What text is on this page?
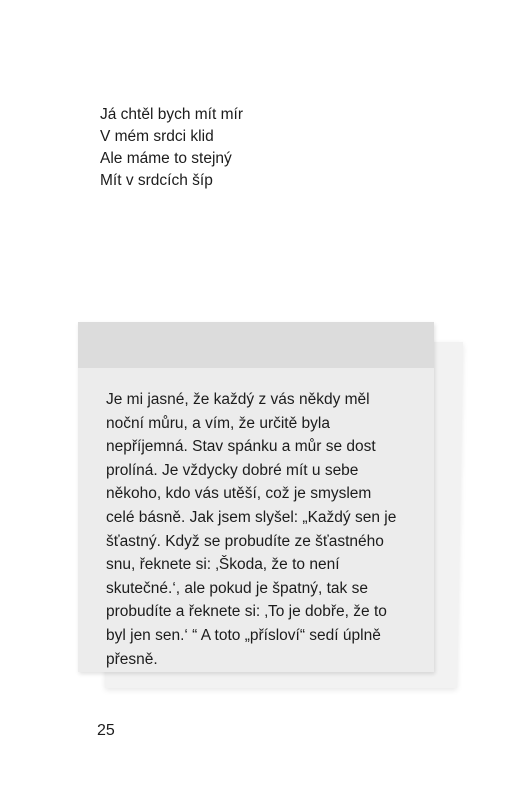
Já chtěl bych mít mír
V mém srdci klid
Ale máme to stejný
Mít v srdcích šíp
Je mi jasné, že každý z vás někdy měl
noční můru, a vím, že určitě byla
nepříjemná. Stav spánku a můr se dost
prolíná. Je vždycky dobré mít u sebe
někoho, kdo vás utěší, což je smyslem
celé básně. Jak jsem slyšel: „Každý sen je
šťastný. Když se probudíte ze šťastného
snu, řeknete si: ‚Škoda, že to není
skutečné.‘, ale pokud je špatný, tak se
probudíte a řeknete si: ‚To je dobře, že to
byl jen sen.‘ “ A toto „přísloví“ sedí úplně
přesně.
25
